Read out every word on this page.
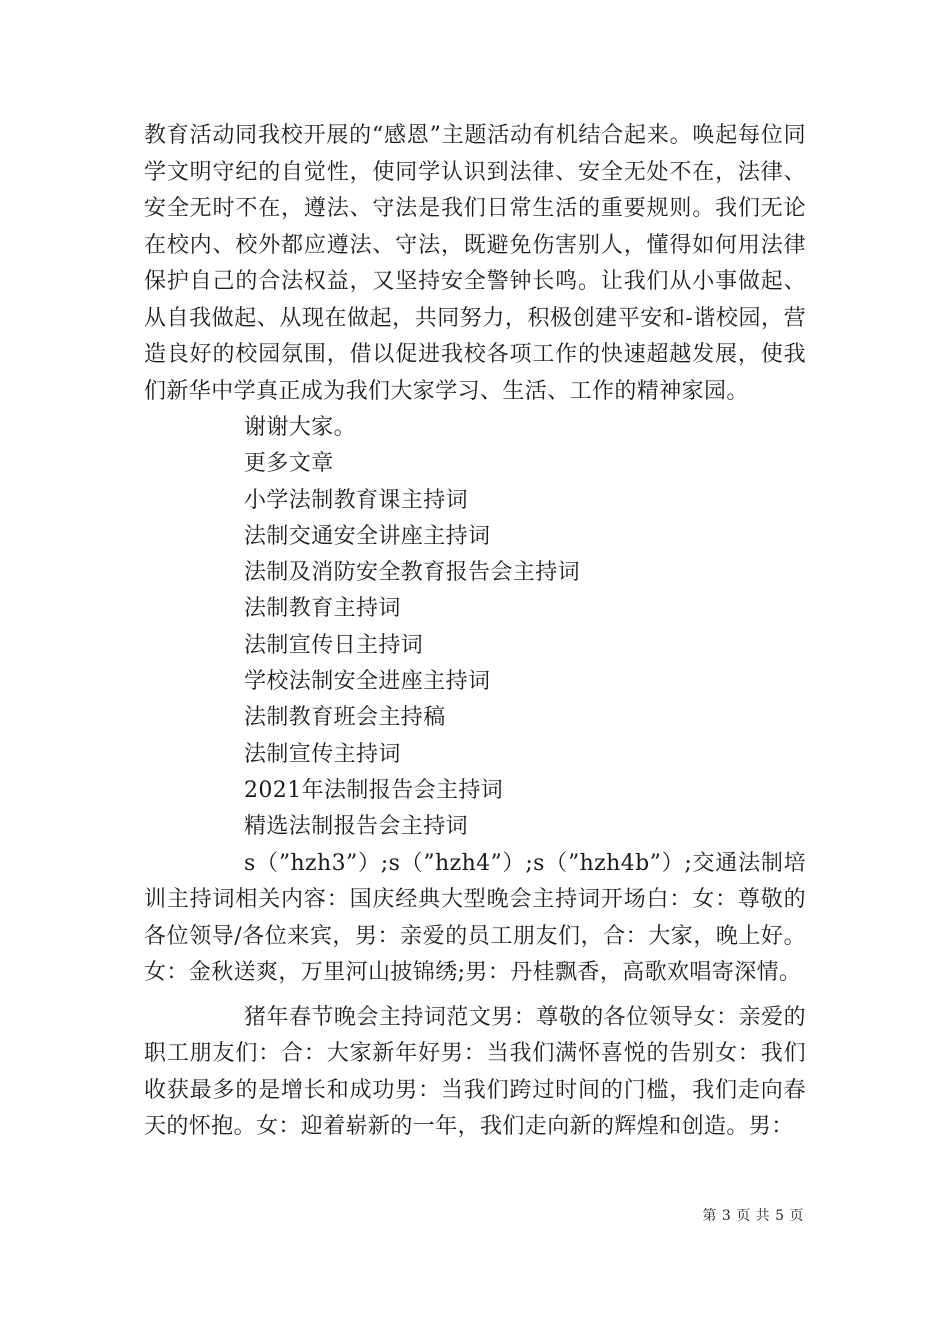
教育活动同我校开展的“感恩”主题活动有机结合起来。唤起每位同学文明守纪的自觉性，使同学认识到法律、安全无处不在，法律、安全无时不在，遵法、守法是我们日常生活的重要规则。我们无论在校内、校外都应遵法、守法，既避免伤害别人，懂得如何用法律保护自己的合法权益，又坚持安全警钟长鸣。让我们从小事做起、从自我做起、从现在做起，共同努力，积极创建平安和-谐校园，营造良好的校园氛围，借以促进我校各项工作的快速超越发展，使我们新华中学真正成为我们大家学习、生活、工作的精神家园。

谢谢大家。

更多文章

小学法制教育课主持词

法制交通安全讲座主持词

法制及消防安全教育报告会主持词

法制教育主持词

法制宣传日主持词

学校法制安全进座主持词

法制教育班会主持稿

法制宣传主持词

2021年法制报告会主持词

精选法制报告会主持词

s（”hzh3”）;s（”hzh4”）;s（”hzh4b”）;交通法制培训主持词相关内容：国庆经典大型晚会主持词开场白：女：尊敬的各位领导/各位来宾，男：亲爱的员工朋友们，合：大家，晚上好。女：金秋送爽，万里河山披锦绣;男：丹桂飘香，高歌欢唱寄深情。

猪年春节晚会主持词范文男：尊敬的各位领导女：亲爱的职工朋友们：合：大家新年好男：当我们满怀喜悦的告别女：我们收获最多的是增长和成功男：当我们跨过时间的门槛，我们走向春天的怀抱。女：迎着崭新的一年，我们走向新的辉煌和创造。男：

第 3 页 共 5 页
